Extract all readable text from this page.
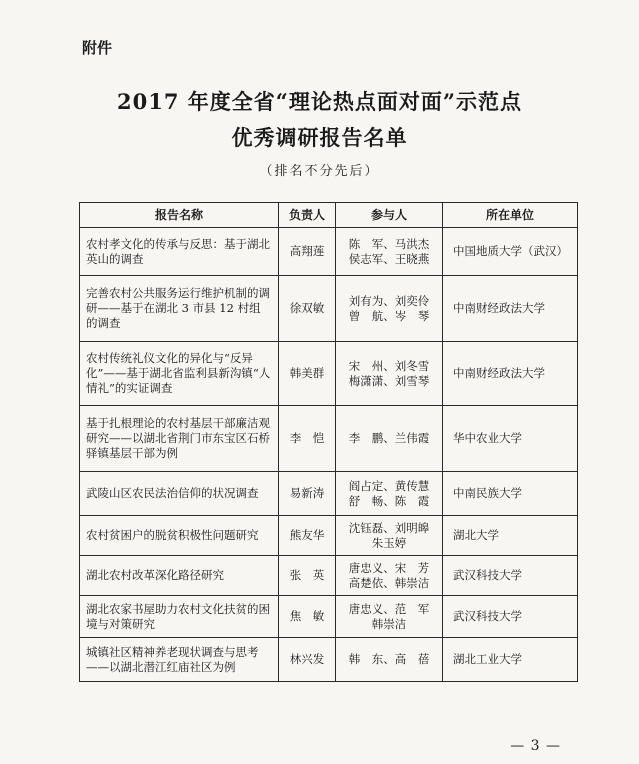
附件
2017 年度全省“理论热点面对面”示范点
优秀调研报告名单
（排名不分先后）
报告名称	负责人	参与人	所在单位
农村孝文化的传承与反思：基于湖北英山的调查	高翔莲	陈　军、马洪杰 侯志军、王晓燕	中国地质大学（武汉）
完善农村公共服务运行维护机制的调研——基于在湖北 3 市县 12 村组的调查	徐双敏	刘有为、刘奕伶 曾　航、岑　琴	中南财经政法大学
农村传统礼仪文化的异化与“反异化”——基于湖北省监利县新沟镇“人情礼”的实证调查	韩美群	宋　州、刘冬雪 梅潇潇、刘雪琴	中南财经政法大学
基于扎根理论的农村基层干部廉洁观研究——以湖北省荆门市东宝区石桥驿镇基层干部为例	李　恺	李　鹏、兰伟霞	华中农业大学
武陵山区农民法治信仰的状况调查	易新涛	阎占定、黄传慧 舒　畅、陈　霞	中南民族大学
农村贫困户的脱贫积极性问题研究	熊友华	沈钰磊、刘明皞 朱玉婷	湖北大学
湖北农村改革深化路径研究	张　英	唐忠义、宋　芳 高楚依、韩崇洁	武汉科技大学
湖北农家书屋助力农村文化扶贫的困境与对策研究	焦　敏	唐忠义、范　军 韩崇洁	武汉科技大学
城镇社区精神养老现状调查与思考——以湖北潜江红庙社区为例	林兴发	韩　东、高　蓓	湖北工业大学
— 3 —
